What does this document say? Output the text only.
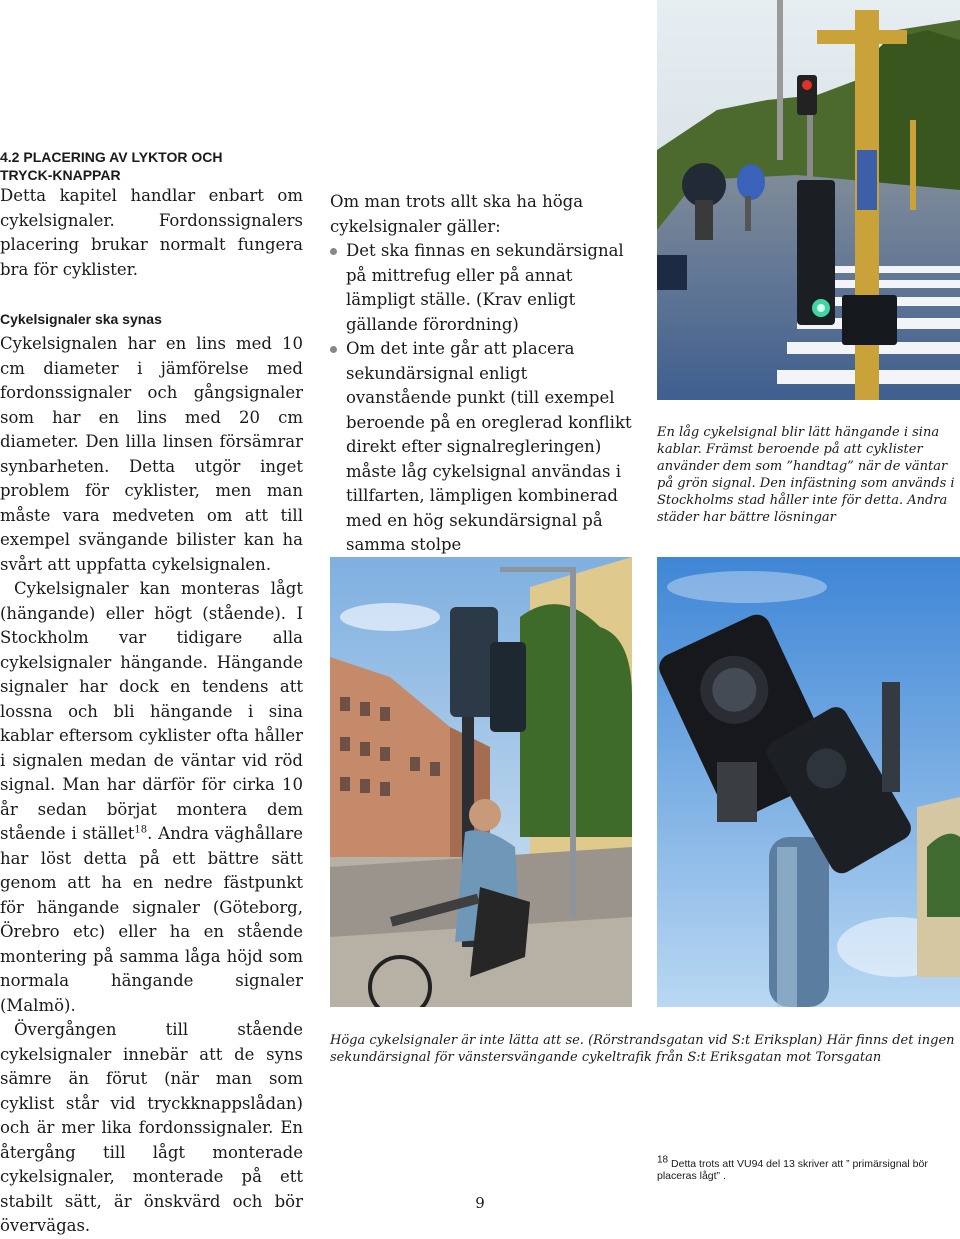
4.2 PLACERING AV LYKTOR OCH TRYCK-KNAPPAR

Detta kapitel handlar enbart om cykelsignaler. Fordonssignalers placering brukar normalt fungera bra för cyklister.

Cykelsignaler ska synas

Cykelsignalen har en lins med 10 cm diameter i jämförelse med fordonssignaler och gångsignaler som har en lins med 20 cm diameter. Den lilla linsen försämrar synbarheten. Detta utgör inget problem för cyklister, men man måste vara medveten om att till exempel svängande bilister kan ha svårt att uppfatta cykelsignalen.

Cykelsignaler kan monteras lågt (hängande) eller högt (stående). I Stockholm var tidigare alla cykelsignaler hängande. Hängande signaler har dock en tendens att lossna och bli hängande i sina kablar eftersom cyklister ofta håller i signalen medan de väntar vid röd signal. Man har därför för cirka 10 år sedan börjat montera dem stående i stället$^{18}$. Andra väghållare har löst detta på ett bättre sätt genom att ha en nedre fästpunkt för hängande signaler (Göteborg, Örebro etc) eller ha en stående montering på samma låga höjd som normala hängande signaler (Malmö).

Övergången till stående cykelsignaler innebär att de syns sämre än förut (när man som cyklist står vid tryckknappslådan) och är mer lika fordonssignaler. En återgång till lågt monterade cykelsignaler, monterade på ett stabilt sätt, är önskvärd och bör övervägas.

Om man trots allt ska ha höga cykelsignaler gäller:

Det ska finnas en sekundärsignal på mittrefug eller på annat lämpligt ställe. (Krav enligt gällande förordning)
Om det inte går att placera sekundärsignal enligt ovanstående punkt (till exempel beroende på en oreglerad konflikt direkt efter signalregleringen) måste låg cykelsignal användas i tillfarten, lämpligen kombinerad med en hög sekundärsignal på samma stolpe

En låg cykelsignal blir lätt hängande i sina kablar. Främst beroende på att cyklister använder dem som ”handtag” när de väntar på grön signal. Den infästning som används i Stockholms stad håller inte för detta. Andra städer har bättre lösningar

Höga cykelsignaler är inte lätta att se. (Rörstrandsgatan vid S:t Eriksplan) Här finns det ingen sekundärsignal för vänstersvängande cykeltrafik från S:t Eriksgatan mot Torsgatan

$^{18}$ Detta trots att VU94 del 13 skriver att ” primärsignal bör placeras lågt” .
9
